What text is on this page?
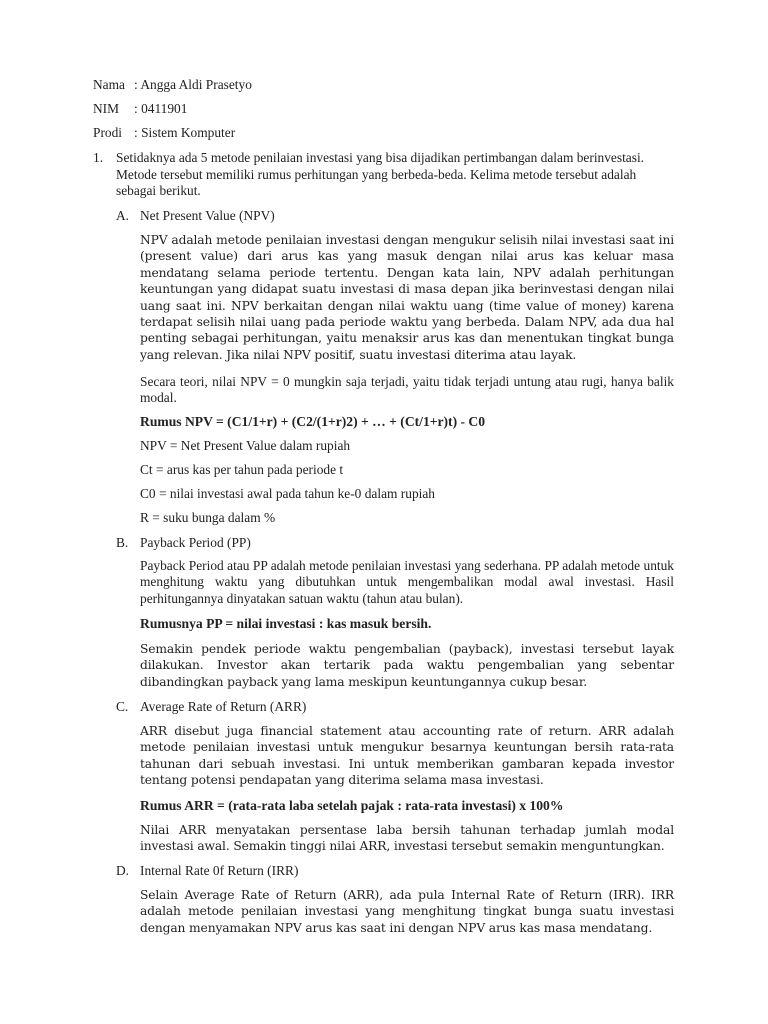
Nama : Angga Aldi Prasetyo
NIM : 0411901
Prodi : Sistem Komputer
1. Setidaknya ada 5 metode penilaian investasi yang bisa dijadikan pertimbangan dalam berinvestasi. Metode tersebut memiliki rumus perhitungan yang berbeda-beda. Kelima metode tersebut adalah sebagai berikut.
A. Net Present Value (NPV)
NPV adalah metode penilaian investasi dengan mengukur selisih nilai investasi saat ini (present value) dari arus kas yang masuk dengan nilai arus kas keluar masa mendatang selama periode tertentu. Dengan kata lain, NPV adalah perhitungan keuntungan yang didapat suatu investasi di masa depan jika berinvestasi dengan nilai uang saat ini. NPV berkaitan dengan nilai waktu uang (time value of money) karena terdapat selisih nilai uang pada periode waktu yang berbeda. Dalam NPV, ada dua hal penting sebagai perhitungan, yaitu menaksir arus kas dan menentukan tingkat bunga yang relevan. Jika nilai NPV positif, suatu investasi diterima atau layak.
Secara teori, nilai NPV = 0 mungkin saja terjadi, yaitu tidak terjadi untung atau rugi, hanya balik modal.
Rumus NPV = (C1/1+r) + (C2/(1+r)2) + … + (Ct/1+r)t) - C0
NPV = Net Present Value dalam rupiah
Ct = arus kas per tahun pada periode t
C0 = nilai investasi awal pada tahun ke-0 dalam rupiah
R = suku bunga dalam %
B. Payback Period (PP)
Payback Period atau PP adalah metode penilaian investasi yang sederhana. PP adalah metode untuk menghitung waktu yang dibutuhkan untuk mengembalikan modal awal investasi. Hasil perhitungannya dinyatakan satuan waktu (tahun atau bulan).
Rumusnya PP = nilai investasi : kas masuk bersih.
Semakin pendek periode waktu pengembalian (payback), investasi tersebut layak dilakukan. Investor akan tertarik pada waktu pengembalian yang sebentar dibandingkan payback yang lama meskipun keuntungannya cukup besar.
C. Average Rate of Return (ARR)
ARR disebut juga financial statement atau accounting rate of return. ARR adalah metode penilaian investasi untuk mengukur besarnya keuntungan bersih rata-rata tahunan dari sebuah investasi. Ini untuk memberikan gambaran kepada investor tentang potensi pendapatan yang diterima selama masa investasi.
Rumus ARR = (rata-rata laba setelah pajak : rata-rata investasi) x 100%
Nilai ARR menyatakan persentase laba bersih tahunan terhadap jumlah modal investasi awal. Semakin tinggi nilai ARR, investasi tersebut semakin menguntungkan.
D. Internal Rate 0f Return (IRR)
Selain Average Rate of Return (ARR), ada pula Internal Rate of Return (IRR). IRR adalah metode penilaian investasi yang menghitung tingkat bunga suatu investasi dengan menyamakan NPV arus kas saat ini dengan NPV arus kas masa mendatang.
